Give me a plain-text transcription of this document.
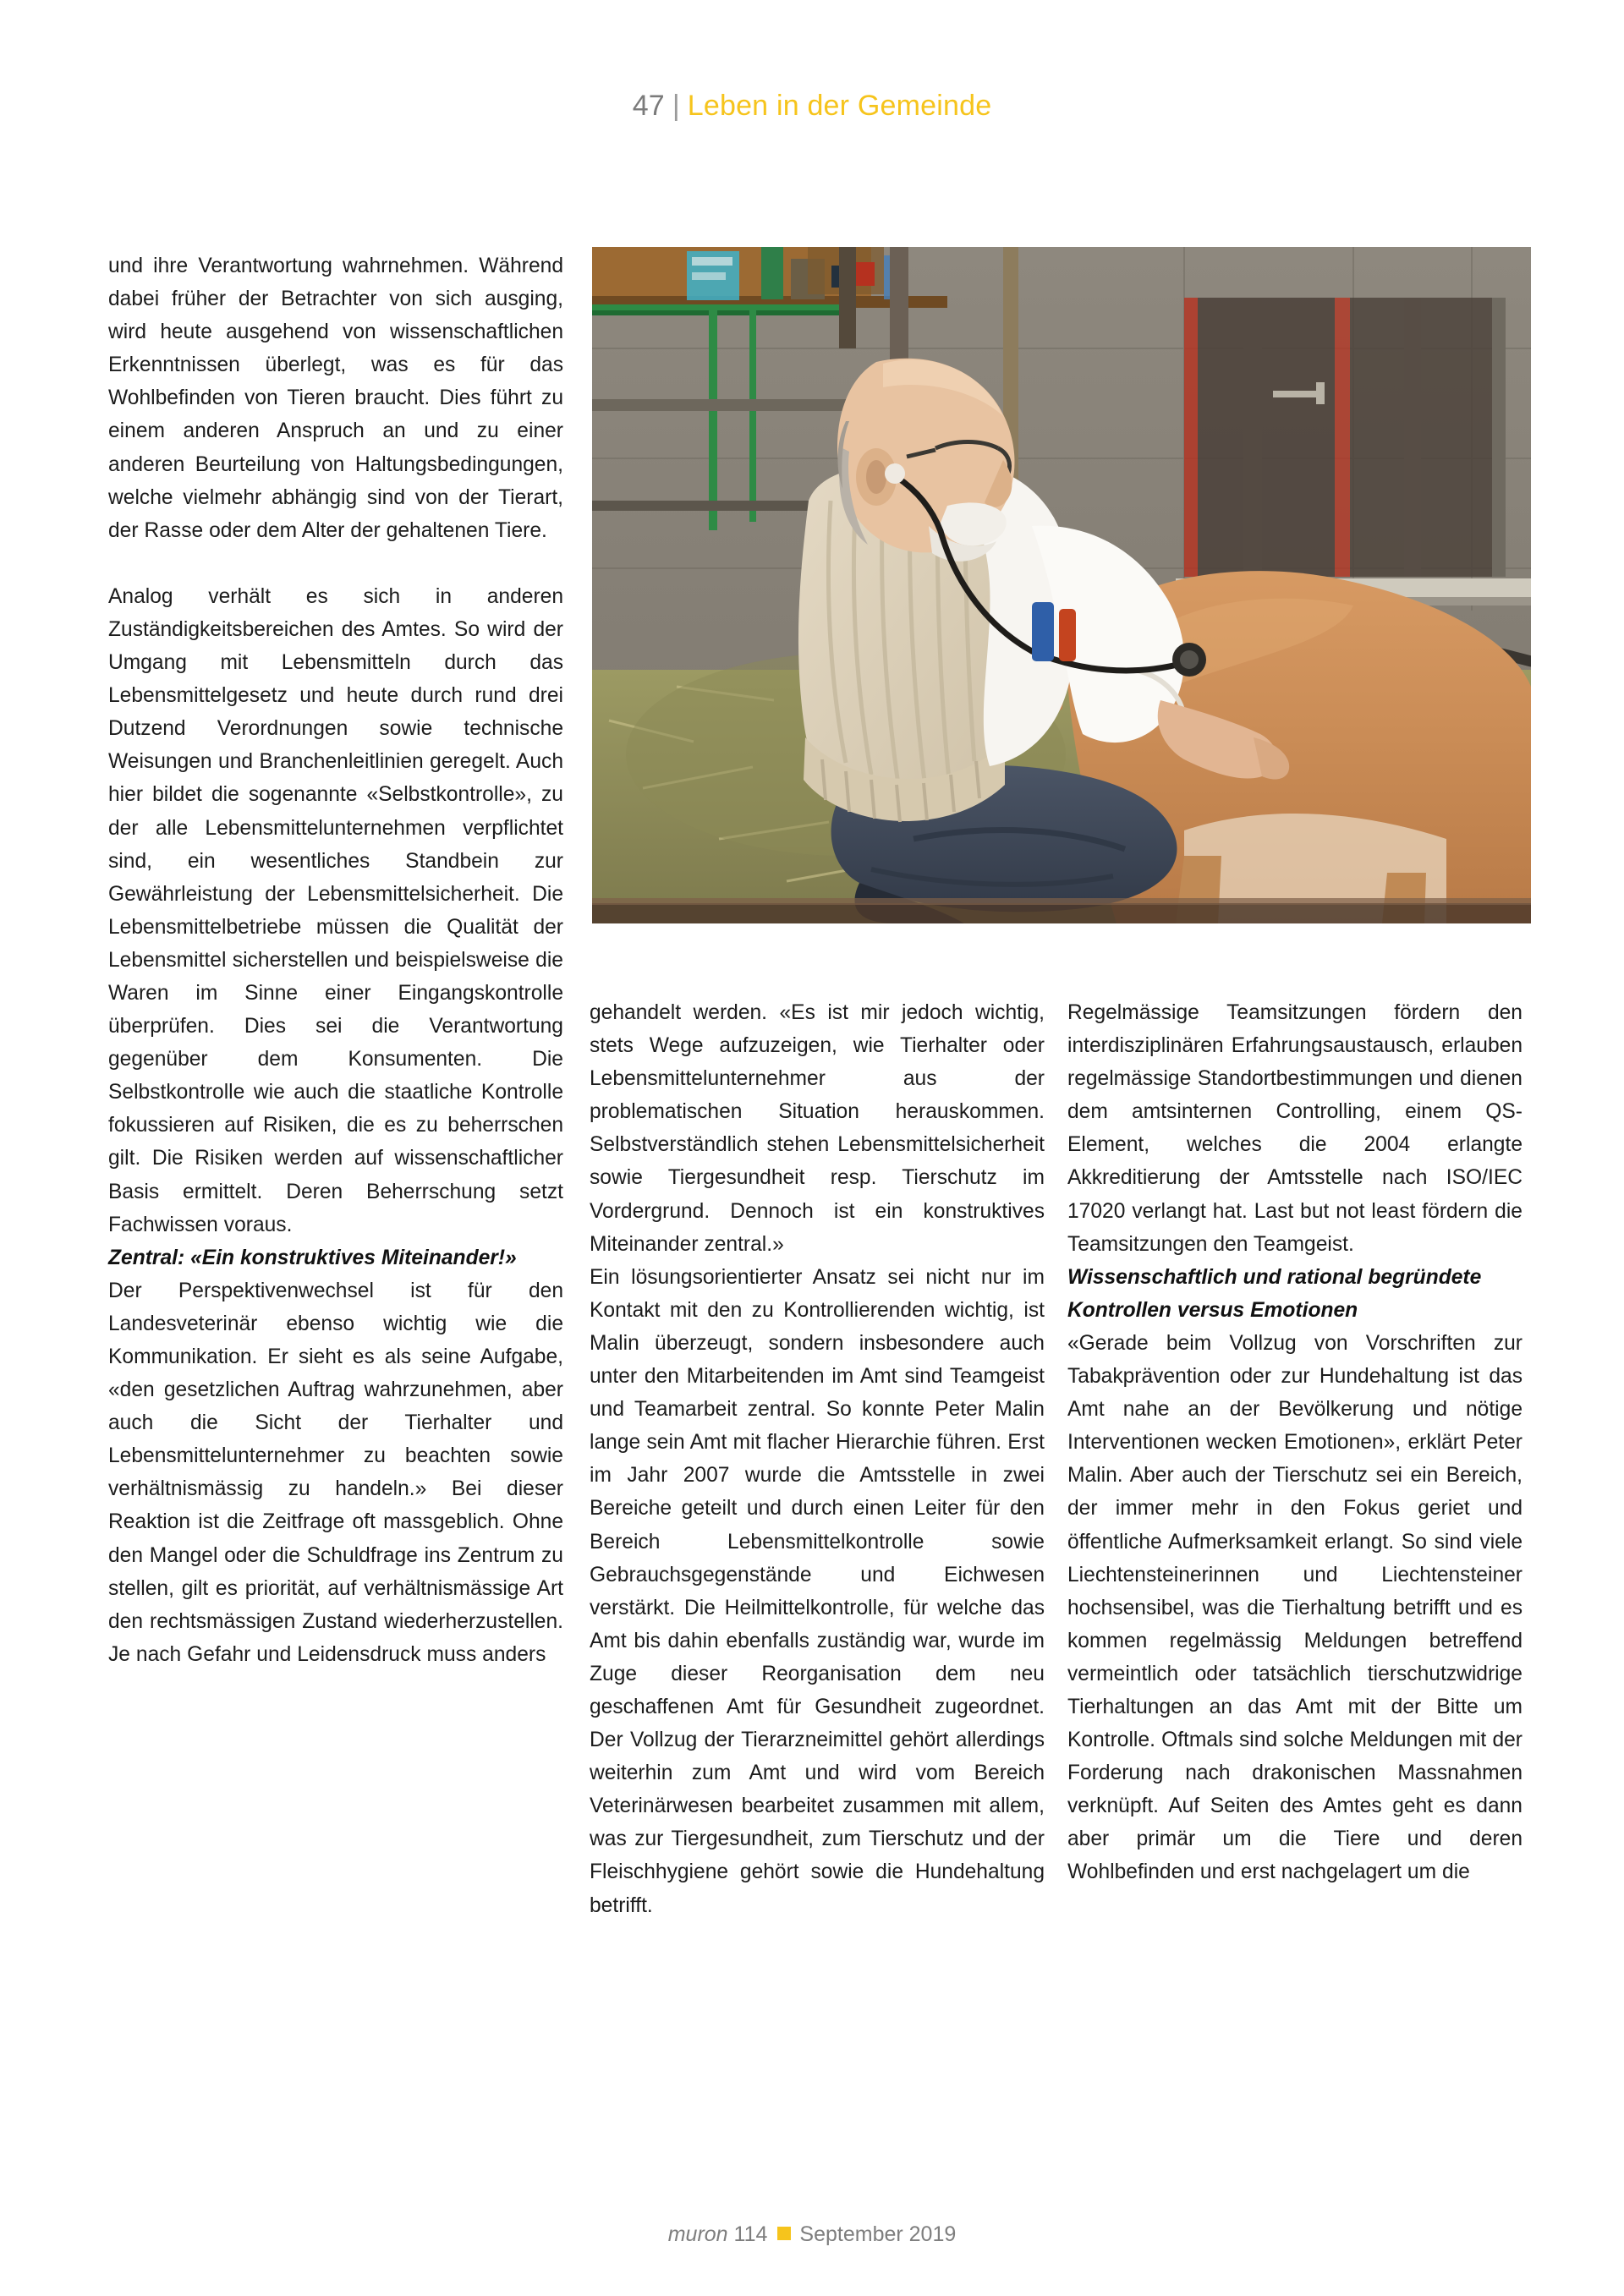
47 | Leben in der Gemeinde

und ihre Verantwortung wahrnehmen. Während dabei früher der Betrachter von sich ausging, wird heute ausgehend von wissenschaftlichen Erkenntnissen überlegt, was es für das Wohlbefinden von Tieren braucht. Dies führt zu einem anderen Anspruch an und zu einer anderen Beurteilung von Haltungsbedingungen, welche vielmehr abhängig sind von der Tierart, der Rasse oder dem Alter der gehaltenen Tiere.

Analog verhält es sich in anderen Zuständigkeitsbereichen des Amtes. So wird der Umgang mit Lebensmitteln durch das Lebensmittelgesetz und heute durch rund drei Dutzend Verordnungen sowie technische Weisungen und Branchenleitlinien geregelt. Auch hier bildet die sogenannte «Selbstkontrolle», zu der alle Lebensmittelunternehmen verpflichtet sind, ein wesentliches Standbein zur Gewährleistung der Lebensmittelsicherheit. Die Lebensmittelbetriebe müssen die Qualität der Lebensmittel sicherstellen und beispielsweise die Waren im Sinne einer Eingangskontrolle überprüfen. Dies sei die Verantwortung gegenüber dem Konsumenten. Die Selbstkontrolle wie auch die staatliche Kontrolle fokussieren auf Risiken, die es zu beherrschen gilt. Die Risiken werden auf wissenschaftlicher Basis ermittelt. Deren Beherrschung setzt Fachwissen voraus.

Zentral: «Ein konstruktives Miteinander!»

Der Perspektivenwechsel ist für den Landesveterinär ebenso wichtig wie die Kommunikation. Er sieht es als seine Aufgabe, «den gesetzlichen Auftrag wahrzunehmen, aber auch die Sicht der Tierhalter und Lebensmittelunternehmer zu beachten sowie verhältnismässig zu handeln.» Bei dieser Reaktion ist die Zeitfrage oft massgeblich. Ohne den Mangel oder die Schuldfrage ins Zentrum zu stellen, gilt es priorität, auf verhältnismässige Art den rechtsmässigen Zustand wiederherzustellen. Je nach Gefahr und Leidensdruck muss anders

gehandelt werden. «Es ist mir jedoch wichtig, stets Wege aufzuzeigen, wie Tierhalter oder Lebensmittelunternehmer aus der problematischen Situation herauskommen. Selbstverständlich stehen Lebensmittelsicherheit sowie Tiergesundheit resp. Tierschutz im Vordergrund. Dennoch ist ein konstruktives Miteinander zentral.»

Ein lösungsorientierter Ansatz sei nicht nur im Kontakt mit den zu Kontrollierenden wichtig, ist Malin überzeugt, sondern insbesondere auch unter den Mitarbeitenden im Amt sind Teamgeist und Teamarbeit zentral. So konnte Peter Malin lange sein Amt mit flacher Hierarchie führen. Erst im Jahr 2007 wurde die Amtsstelle in zwei Bereiche geteilt und durch einen Leiter für den Bereich Lebensmittelkontrolle sowie Gebrauchsgegenstände und Eichwesen verstärkt. Die Heilmittelkontrolle, für welche das Amt bis dahin ebenfalls zuständig war, wurde im Zuge dieser Reorganisation dem neu geschaffenen Amt für Gesundheit zugeordnet. Der Vollzug der Tierarzneimittel gehört allerdings weiterhin zum Amt und wird vom Bereich Veterinärwesen bearbeitet zusammen mit allem, was zur Tiergesundheit, zum Tierschutz und der Fleischhygiene gehört sowie die Hundehaltung betrifft.

Regelmässige Teamsitzungen fördern den interdisziplinären Erfahrungsaustausch, erlauben regelmässige Standortbestimmungen und dienen dem amtsinternen Controlling, einem QS-Element, welches die 2004 erlangte Akkreditierung der Amtsstelle nach ISO/IEC 17020 verlangt hat. Last but not least fördern die Teamsitzungen den Teamgeist.

Wissenschaftlich und rational begründete Kontrollen versus Emotionen

«Gerade beim Vollzug von Vorschriften zur Tabakprävention oder zur Hundehaltung ist das Amt nahe an der Bevölkerung und nötige Interventionen wecken Emotionen», erklärt Peter Malin. Aber auch der Tierschutz sei ein Bereich, der immer mehr in den Fokus geriet und öffentliche Aufmerksamkeit erlangt. So sind viele Liechtensteinerinnen und Liechtensteiner hochsensibel, was die Tierhaltung betrifft und es kommen regelmässig Meldungen betreffend vermeintlich oder tatsächlich tierschutzwidrige Tierhaltungen an das Amt mit der Bitte um Kontrolle. Oftmals sind solche Meldungen mit der Forderung nach drakonischen Massnahmen verknüpft. Auf Seiten des Amtes geht es dann aber primär um die Tiere und deren Wohlbefinden und erst nachgelagert um die

muron 114 September 2019
